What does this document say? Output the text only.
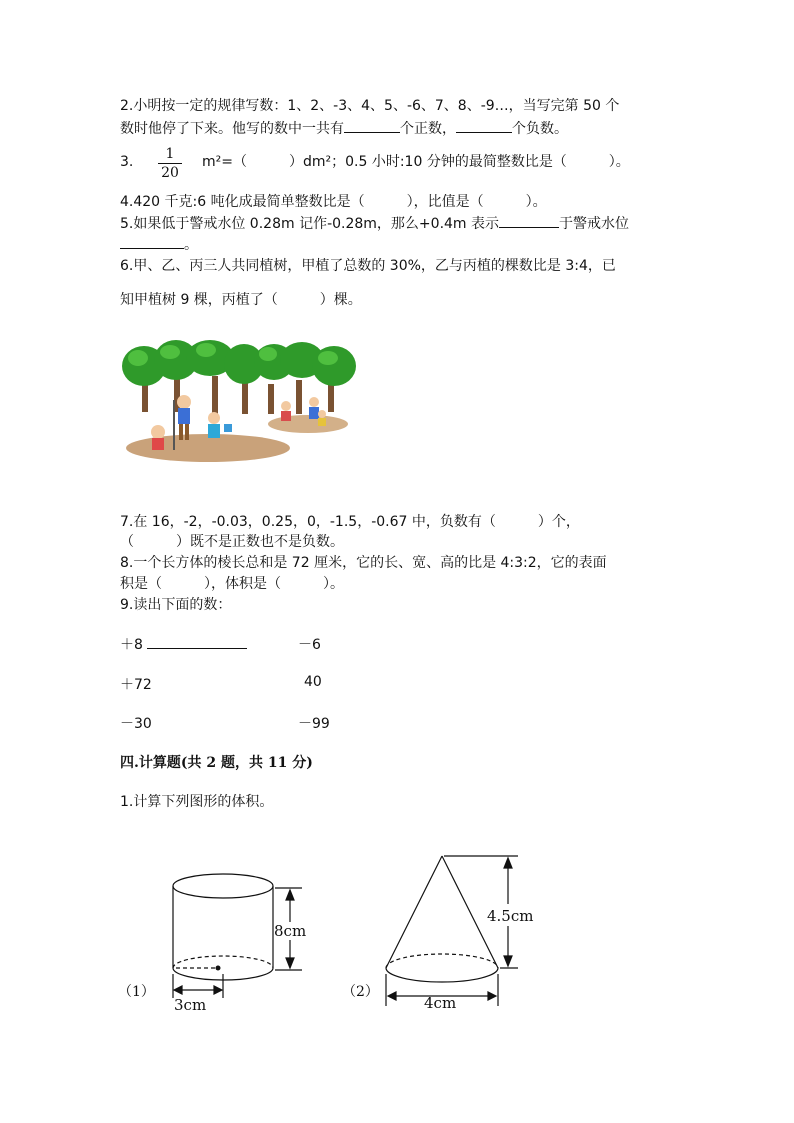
2.小明按一定的规律写数：1、2、-3、4、5、-6、7、8、-9…，当写完第 50 个
数时他停了下来。他写的数中一共有	个正数，	个负数。
3.	1
20
m²=（　　　）dm²；0.5 小时:10 分钟的最简整数比是（　　　）。
4.420 千克:6 吨化成最简单整数比是（　　　），比值是（　　　）。
5.如果低于警戒水位 0.28m 记作-0.28m，那么+0.4m 表示	于警戒水位
。
6.甲、乙、丙三人共同植树，甲植了总数的 30%，乙与丙植的棵数比是 3:4，已
知甲植树 9 棵，丙植了（　　　）棵。
7.在 16，-2，-0.03，0.25，0，-1.5，-0.67 中，负数有（　　　）个，
（　　　）既不是正数也不是负数。
8.一个长方体的棱长总和是 72 厘米，它的长、宽、高的比是 4:3:2，它的表面
积是（　　　），体积是（　　　）。
9.读出下面的数：
＋8	－6
＋72	40
－30	－99
四.计算题(共 2 题，共 11 分)
1.计算下列图形的体积。
（1）
8cm
3cm
（2）
4.5cm
4cm
